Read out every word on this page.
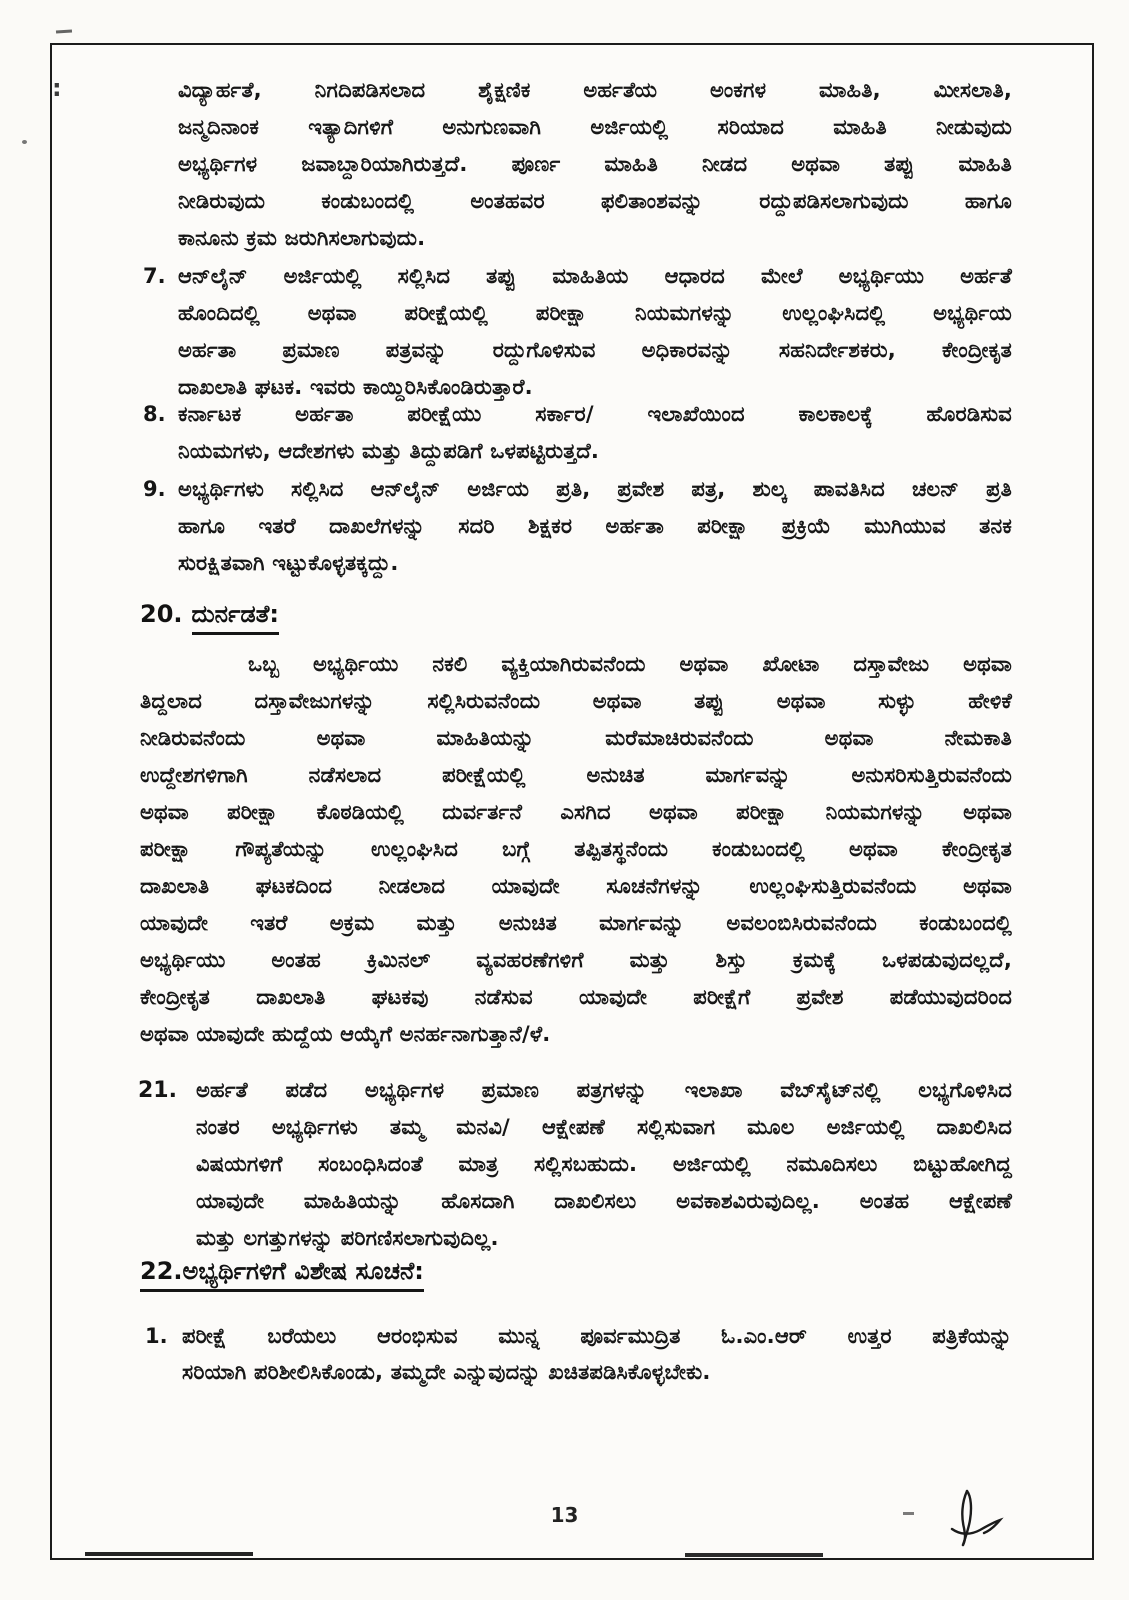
:	ವಿದ್ಯಾರ್ಹತೆ, ನಿಗದಿಪಡಿಸಲಾದ ಶೈಕ್ಷಣಿಕ ಅರ್ಹತೆಯ ಅಂಕಗಳ ಮಾಹಿತಿ, ಮೀಸಲಾತಿ,
ಜನ್ಮದಿನಾಂಕ ಇತ್ಯಾದಿಗಳಿಗೆ ಅನುಗುಣವಾಗಿ ಅರ್ಜಿಯಲ್ಲಿ ಸರಿಯಾದ ಮಾಹಿತಿ ನೀಡುವುದು
ಅಭ್ಯರ್ಥಿಗಳ ಜವಾಬ್ದಾರಿಯಾಗಿರುತ್ತದೆ. ಪೂರ್ಣ ಮಾಹಿತಿ ನೀಡದ ಅಥವಾ ತಪ್ಪು ಮಾಹಿತಿ
ನೀಡಿರುವುದು ಕಂಡುಬಂದಲ್ಲಿ ಅಂತಹವರ ಫಲಿತಾಂಶವನ್ನು ರದ್ದುಪಡಿಸಲಾಗುವುದು ಹಾಗೂ
ಕಾನೂನು ಕ್ರಮ ಜರುಗಿಸಲಾಗುವುದು.
7. ಆನ್‌ಲೈನ್ ಅರ್ಜಿಯಲ್ಲಿ ಸಲ್ಲಿಸಿದ ತಪ್ಪು ಮಾಹಿತಿಯ ಆಧಾರದ ಮೇಲೆ ಅಭ್ಯರ್ಥಿಯು ಅರ್ಹತೆ
ಹೊಂದಿದಲ್ಲಿ ಅಥವಾ ಪರೀಕ್ಷೆಯಲ್ಲಿ ಪರೀಕ್ಷಾ ನಿಯಮಗಳನ್ನು ಉಲ್ಲಂಘಿಸಿದಲ್ಲಿ ಅಭ್ಯರ್ಥಿಯ
ಅರ್ಹತಾ ಪ್ರಮಾಣ ಪತ್ರವನ್ನು ರದ್ದುಗೊಳಿಸುವ ಅಧಿಕಾರವನ್ನು ಸಹನಿರ್ದೇಶಕರು, ಕೇಂದ್ರೀಕೃತ
ದಾಖಲಾತಿ ಘಟಕ. ಇವರು ಕಾಯ್ದಿರಿಸಿಕೊಂಡಿರುತ್ತಾರೆ.
8. ಕರ್ನಾಟಕ ಅರ್ಹತಾ ಪರೀಕ್ಷೆಯು ಸರ್ಕಾರ/ ಇಲಾಖೆಯಿಂದ ಕಾಲಕಾಲಕ್ಕೆ ಹೊರಡಿಸುವ
ನಿಯಮಗಳು, ಆದೇಶಗಳು ಮತ್ತು ತಿದ್ದುಪಡಿಗೆ ಒಳಪಟ್ಟಿರುತ್ತದೆ.
9. ಅಭ್ಯರ್ಥಿಗಳು ಸಲ್ಲಿಸಿದ ಆನ್‌ಲೈನ್ ಅರ್ಜಿಯ ಪ್ರತಿ, ಪ್ರವೇಶ ಪತ್ರ, ಶುಲ್ಕ ಪಾವತಿಸಿದ ಚಲನ್ ಪ್ರತಿ
ಹಾಗೂ ಇತರೆ ದಾಖಲೆಗಳನ್ನು ಸದರಿ ಶಿಕ್ಷಕರ ಅರ್ಹತಾ ಪರೀಕ್ಷಾ ಪ್ರಕ್ರಿಯೆ ಮುಗಿಯುವ ತನಕ
ಸುರಕ್ಷಿತವಾಗಿ ಇಟ್ಟುಕೊಳ್ಳತಕ್ಕದ್ದು.
20. ದುರ್ನಡತೆ:
ಒಬ್ಬ ಅಭ್ಯರ್ಥಿಯು ನಕಲಿ ವ್ಯಕ್ತಿಯಾಗಿರುವನೆಂದು ಅಥವಾ ಖೋಟಾ ದಸ್ತಾವೇಜು ಅಥವಾ
ತಿದ್ದಲಾದ ದಸ್ತಾವೇಜುಗಳನ್ನು ಸಲ್ಲಿಸಿರುವನೆಂದು ಅಥವಾ ತಪ್ಪು ಅಥವಾ ಸುಳ್ಳು ಹೇಳಿಕೆ
ನೀಡಿರುವನೆಂದು ಅಥವಾ ಮಾಹಿತಿಯನ್ನು ಮರೆಮಾಚಿರುವನೆಂದು ಅಥವಾ ನೇಮಕಾತಿ
ಉದ್ದೇಶಗಳಿಗಾಗಿ ನಡೆಸಲಾದ ಪರೀಕ್ಷೆಯಲ್ಲಿ ಅನುಚಿತ ಮಾರ್ಗವನ್ನು ಅನುಸರಿಸುತ್ತಿರುವನೆಂದು
ಅಥವಾ ಪರೀಕ್ಷಾ ಕೊಠಡಿಯಲ್ಲಿ ದುರ್ವರ್ತನೆ ಎಸಗಿದ ಅಥವಾ ಪರೀಕ್ಷಾ ನಿಯಮಗಳನ್ನು ಅಥವಾ
ಪರೀಕ್ಷಾ ಗೌಪ್ಯತೆಯನ್ನು ಉಲ್ಲಂಘಿಸಿದ ಬಗ್ಗೆ ತಪ್ಪಿತಸ್ಥನೆಂದು ಕಂಡುಬಂದಲ್ಲಿ ಅಥವಾ ಕೇಂದ್ರೀಕೃತ
ದಾಖಲಾತಿ ಘಟಕದಿಂದ ನೀಡಲಾದ ಯಾವುದೇ ಸೂಚನೆಗಳನ್ನು ಉಲ್ಲಂಘಿಸುತ್ತಿರುವನೆಂದು ಅಥವಾ
ಯಾವುದೇ ಇತರೆ ಅಕ್ರಮ ಮತ್ತು ಅನುಚಿತ ಮಾರ್ಗವನ್ನು ಅವಲಂಬಿಸಿರುವನೆಂದು ಕಂಡುಬಂದಲ್ಲಿ
ಅಭ್ಯರ್ಥಿಯು ಅಂತಹ ಕ್ರಿಮಿನಲ್ ವ್ಯವಹರಣೆಗಳಿಗೆ ಮತ್ತು ಶಿಸ್ತು ಕ್ರಮಕ್ಕೆ ಒಳಪಡುವುದಲ್ಲದೆ,
ಕೇಂದ್ರೀಕೃತ ದಾಖಲಾತಿ ಘಟಕವು ನಡೆಸುವ ಯಾವುದೇ ಪರೀಕ್ಷೆಗೆ ಪ್ರವೇಶ ಪಡೆಯುವುದರಿಂದ
ಅಥವಾ ಯಾವುದೇ ಹುದ್ದೆಯ ಆಯ್ಕೆಗೆ ಅನರ್ಹನಾಗುತ್ತಾನೆ/ಳೆ.
21. ಅರ್ಹತೆ ಪಡೆದ ಅಭ್ಯರ್ಥಿಗಳ ಪ್ರಮಾಣ ಪತ್ರಗಳನ್ನು ಇಲಾಖಾ ವೆಬ್‌ಸೈಟ್‌ನಲ್ಲಿ ಲಭ್ಯಗೊಳಿಸಿದ
ನಂತರ ಅಭ್ಯರ್ಥಿಗಳು ತಮ್ಮ ಮನವಿ/ ಆಕ್ಷೇಪಣೆ ಸಲ್ಲಿಸುವಾಗ ಮೂಲ ಅರ್ಜಿಯಲ್ಲಿ ದಾಖಲಿಸಿದ
ವಿಷಯಗಳಿಗೆ ಸಂಬಂಧಿಸಿದಂತೆ ಮಾತ್ರ ಸಲ್ಲಿಸಬಹುದು. ಅರ್ಜಿಯಲ್ಲಿ ನಮೂದಿಸಲು ಬಿಟ್ಟುಹೋಗಿದ್ದ
ಯಾವುದೇ ಮಾಹಿತಿಯನ್ನು ಹೊಸದಾಗಿ ದಾಖಲಿಸಲು ಅವಕಾಶವಿರುವುದಿಲ್ಲ. ಅಂತಹ ಆಕ್ಷೇಪಣೆ
ಮತ್ತು ಲಗತ್ತುಗಳನ್ನು ಪರಿಗಣಿಸಲಾಗುವುದಿಲ್ಲ.
22.ಅಭ್ಯರ್ಥಿಗಳಿಗೆ ವಿಶೇಷ ಸೂಚನೆ:
1. ಪರೀಕ್ಷೆ ಬರೆಯಲು ಆರಂಭಿಸುವ ಮುನ್ನ ಪೂರ್ವಮುದ್ರಿತ ಓ.ಎಂ.ಆರ್ ಉತ್ತರ ಪತ್ರಿಕೆಯನ್ನು
ಸರಿಯಾಗಿ ಪರಿಶೀಲಿಸಿಕೊಂಡು, ತಮ್ಮದೇ ಎನ್ನುವುದನ್ನು ಖಚಿತಪಡಿಸಿಕೊಳ್ಳಬೇಕು.
13
